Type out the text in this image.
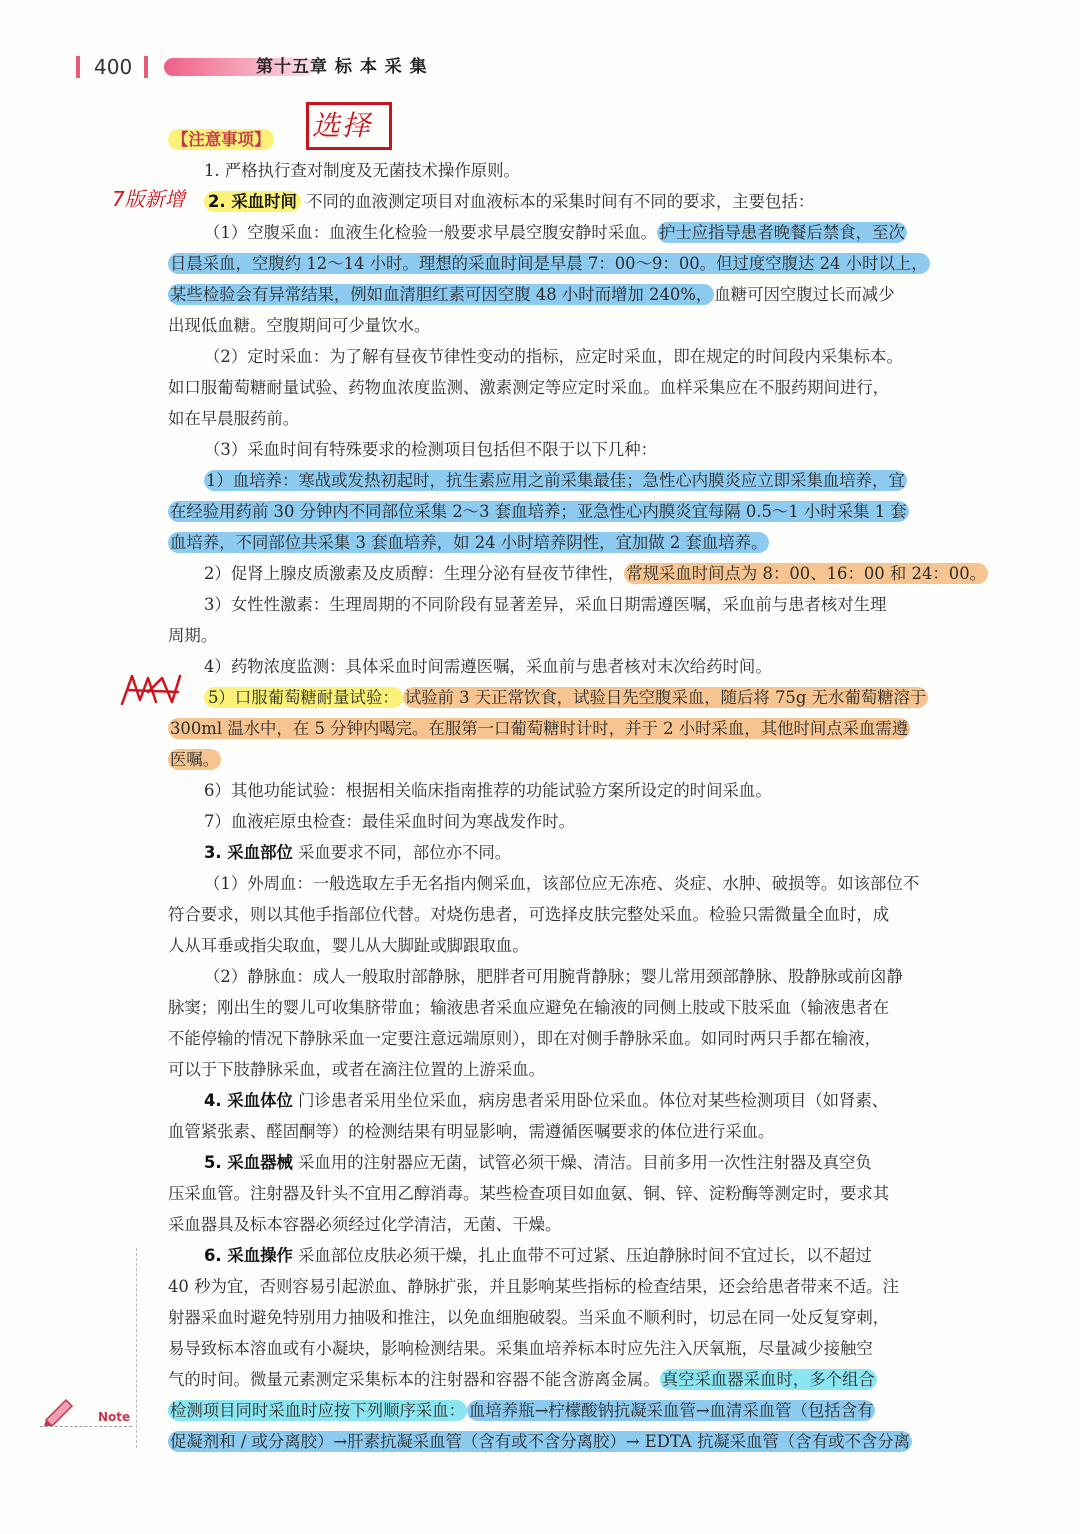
400	第十五章 标 本 采 集
选择
7版新增
【注意事项】
1. 严格执行查对制度及无菌技术操作原则。
2. 采血时间 不同的血液测定项目对血液标本的采集时间有不同的要求，主要包括：
（1）空腹采血：血液生化检验一般要求早晨空腹安静时采血。 护士应指导患者晚餐后禁食，至次
日晨采血，空腹约 12～14 小时。理想的采血时间是早晨 7：00～9：00。但过度空腹达 24 小时以上，
某些检验会有异常结果，例如血清胆红素可因空腹 48 小时而增加 240%， 血糖可因空腹过长而减少
出现低血糖。空腹期间可少量饮水。
（2）定时采血：为了解有昼夜节律性变动的指标，应定时采血，即在规定的时间段内采集标本。
如口服葡萄糖耐量试验、药物血浓度监测、激素测定等应定时采血。血样采集应在不服药期间进行，
如在早晨服药前。
（3）采血时间有特殊要求的检测项目包括但不限于以下几种：
1）血培养：寒战或发热初起时，抗生素应用之前采集最佳；急性心内膜炎应立即采集血培养，宜
在经验用药前 30 分钟内不同部位采集 2～3 套血培养；亚急性心内膜炎宜每隔 0.5～1 小时采集 1 套
血培养，不同部位共采集 3 套血培养，如 24 小时培养阴性，宜加做 2 套血培养。
2）促肾上腺皮质激素及皮质醇：生理分泌有昼夜节律性， 常规采血时间点为 8：00、16：00 和 24：00。
3）女性性激素：生理周期的不同阶段有显著差异，采血日期需遵医嘱，采血前与患者核对生理
周期。
4）药物浓度监测：具体采血时间需遵医嘱，采血前与患者核对末次给药时间。
5）口服葡萄糖耐量试验： 试验前 3 天正常饮食，试验日先空腹采血，随后将 75g 无水葡萄糖溶于
300ml 温水中，在 5 分钟内喝完。在服第一口葡萄糖时计时，并于 2 小时采血，其他时间点采血需遵
医嘱。
6）其他功能试验：根据相关临床指南推荐的功能试验方案所设定的时间采血。
7）血液疟原虫检查：最佳采血时间为寒战发作时。
3. 采血部位 采血要求不同，部位亦不同。
（1）外周血：一般选取左手无名指内侧采血，该部位应无冻疮、炎症、水肿、破损等。如该部位不
符合要求，则以其他手指部位代替。对烧伤患者，可选择皮肤完整处采血。检验只需微量全血时，成
人从耳垂或指尖取血，婴儿从大脚趾或脚跟取血。
（2）静脉血：成人一般取肘部静脉，肥胖者可用腕背静脉；婴儿常用颈部静脉、股静脉或前囟静
脉窦；刚出生的婴儿可收集脐带血；输液患者采血应避免在输液的同侧上肢或下肢采血（输液患者在
不能停输的情况下静脉采血一定要注意远端原则），即在对侧手静脉采血。如同时两只手都在输液，
可以于下肢静脉采血，或者在滴注位置的上游采血。
4. 采血体位 门诊患者采用坐位采血，病房患者采用卧位采血。体位对某些检测项目（如肾素、
血管紧张素、醛固酮等）的检测结果有明显影响，需遵循医嘱要求的体位进行采血。
5. 采血器械 采血用的注射器应无菌，试管必须干燥、清洁。目前多用一次性注射器及真空负
压采血管。注射器及针头不宜用乙醇消毒。某些检查项目如血氨、铜、锌、淀粉酶等测定时，要求其
采血器具及标本容器必须经过化学清洁，无菌、干燥。
6. 采血操作 采血部位皮肤必须干燥，扎止血带不可过紧、压迫静脉时间不宜过长，以不超过
40 秒为宜，否则容易引起淤血、静脉扩张，并且影响某些指标的检查结果，还会给患者带来不适。注
射器采血时避免特别用力抽吸和推注，以免血细胞破裂。当采血不顺利时，切忌在同一处反复穿刺，
易导致标本溶血或有小凝块，影响检测结果。采集血培养标本时应先注入厌氧瓶，尽量减少接触空
气的时间。微量元素测定采集标本的注射器和容器不能含游离金属。 真空采血器采血时，多个组合
检测项目同时采血时应按下列顺序采血： 血培养瓶→柠檬酸钠抗凝采血管→血清采血管（包括含有
促凝剂和 / 或分离胶）→肝素抗凝采血管（含有或不含分离胶）→ EDTA 抗凝采血管（含有或不含分离
Note
